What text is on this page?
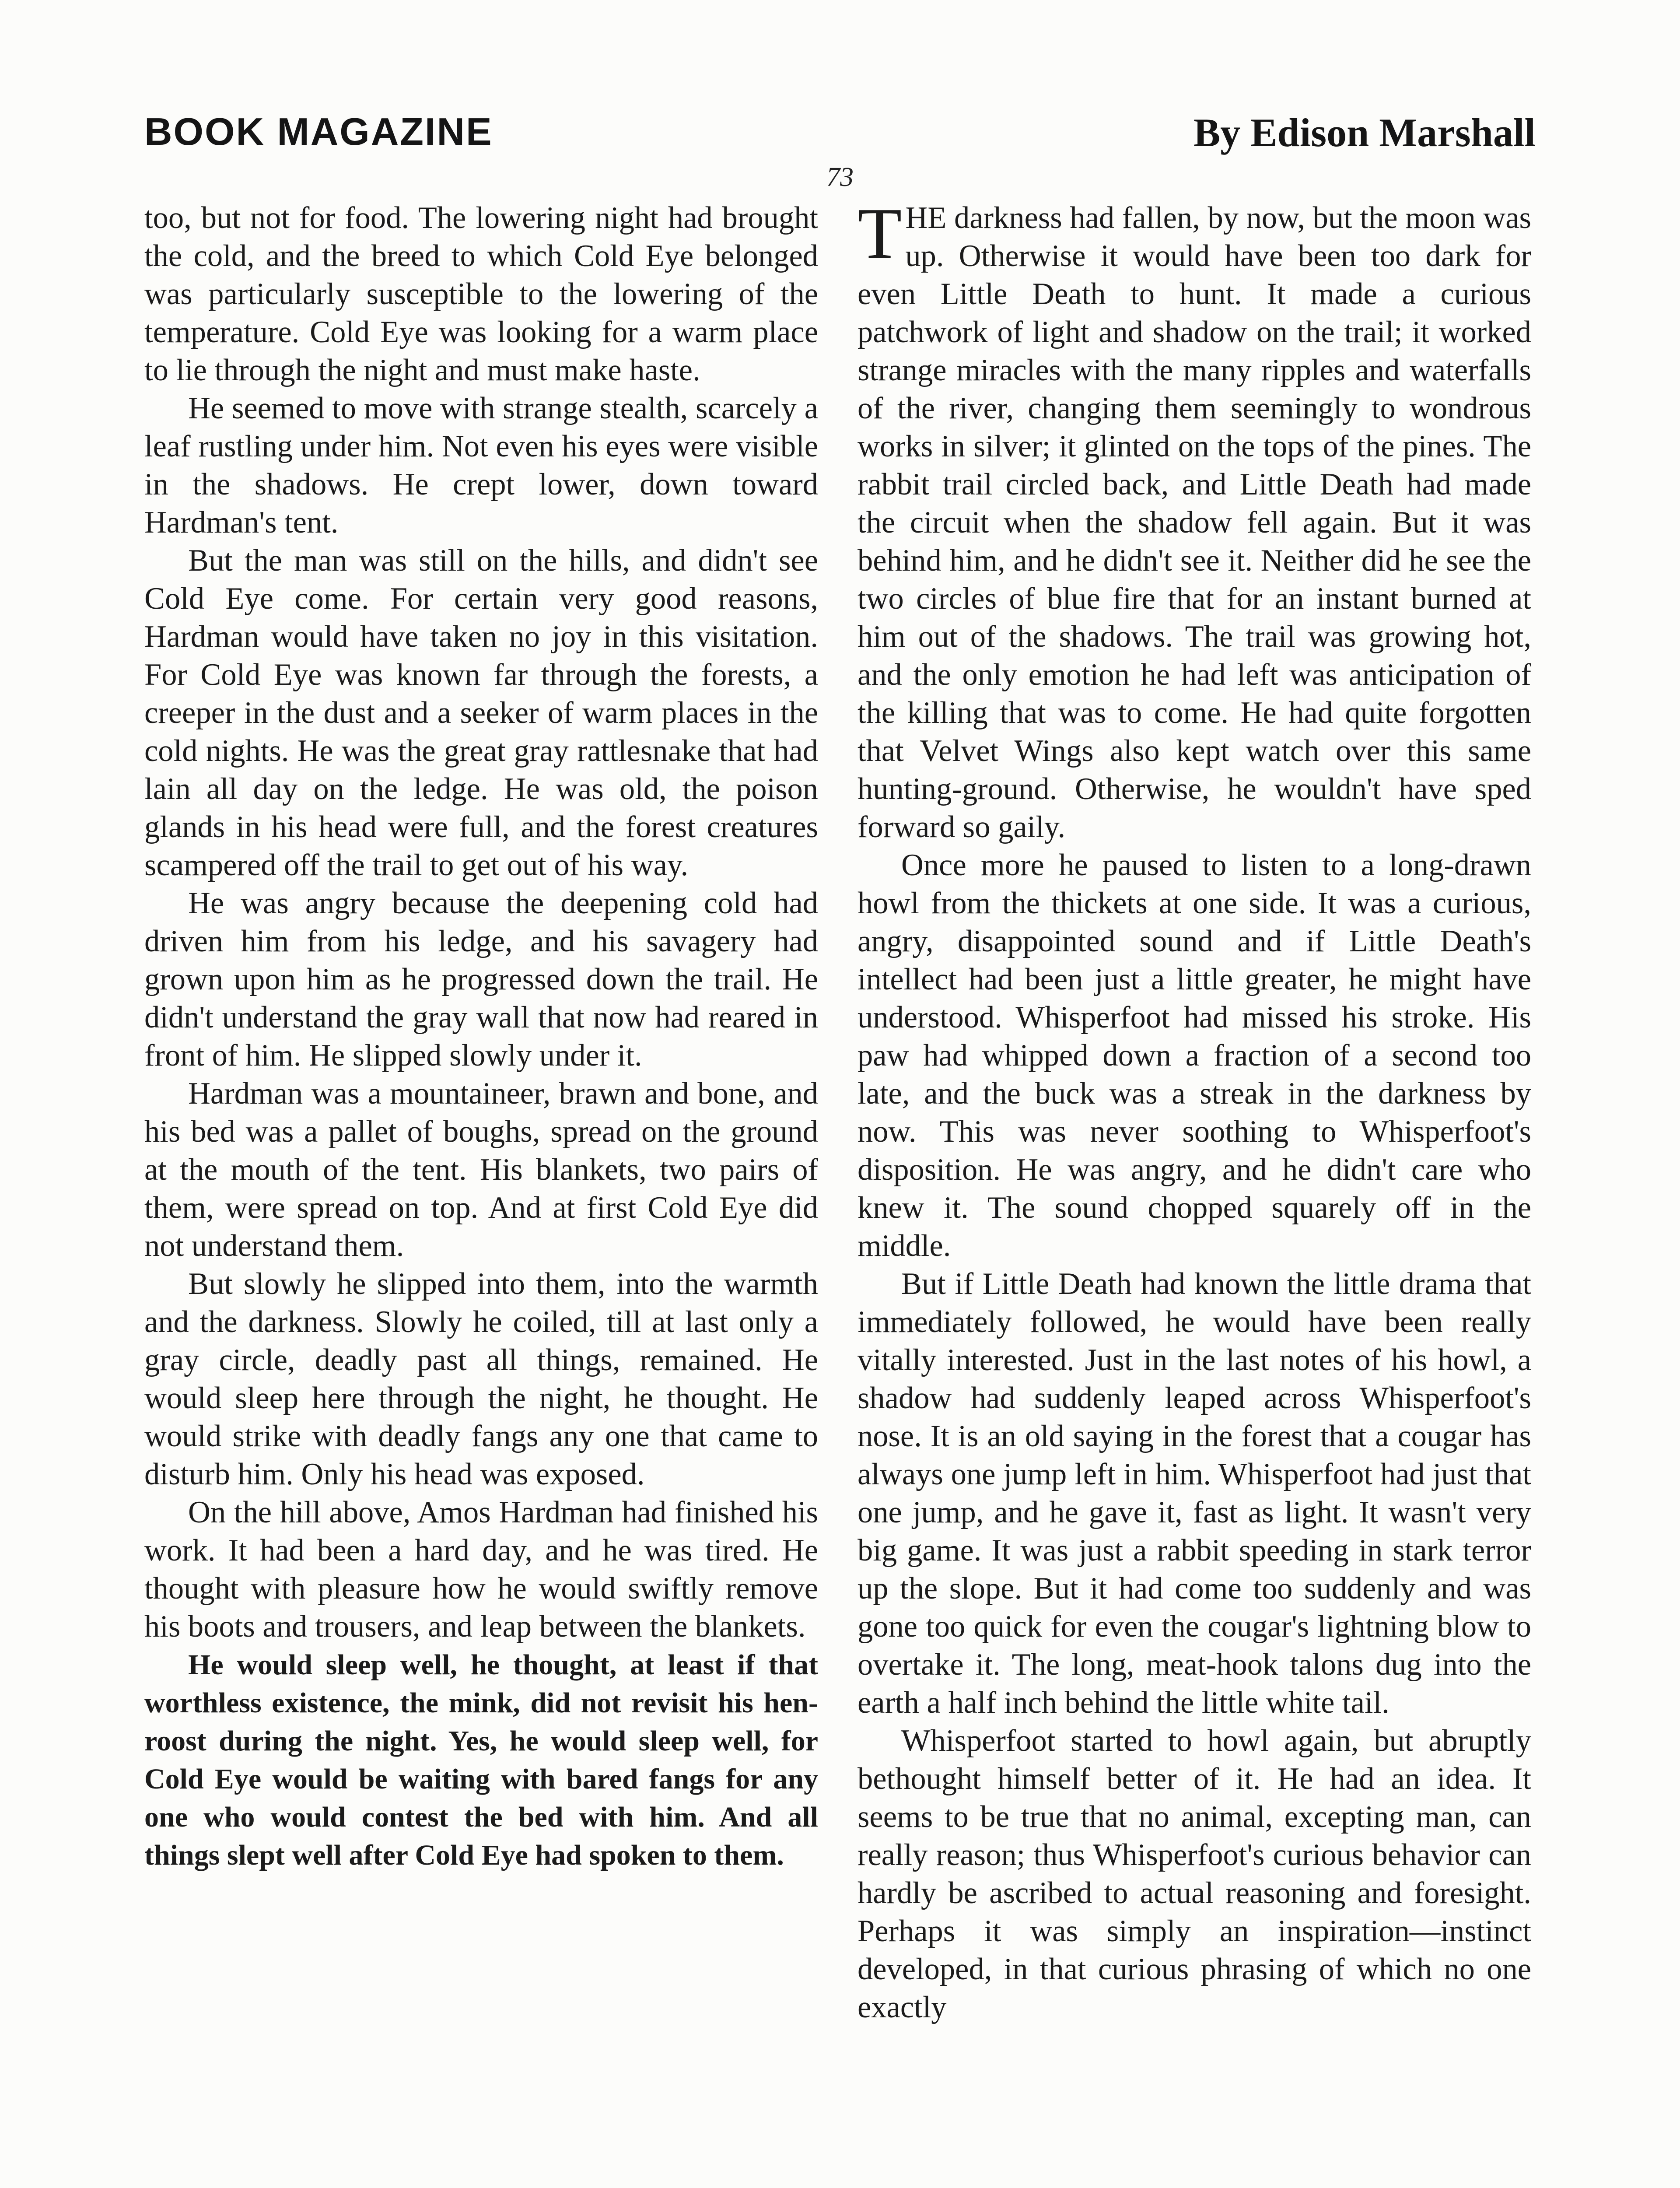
BOOK MAGAZINE	By Edison Marshall
73

too, but not for food. The lowering night had brought the cold, and the breed to which Cold Eye belonged was particularly susceptible to the lowering of the temperature. Cold Eye was looking for a warm place to lie through the night and must make haste.

He seemed to move with strange stealth, scarcely a leaf rustling under him. Not even his eyes were visible in the shadows. He crept lower, down toward Hardman's tent.

But the man was still on the hills, and didn't see Cold Eye come. For certain very good reasons, Hardman would have taken no joy in this visitation. For Cold Eye was known far through the forests, a creeper in the dust and a seeker of warm places in the cold nights. He was the great gray rattlesnake that had lain all day on the ledge. He was old, the poison glands in his head were full, and the forest creatures scampered off the trail to get out of his way.

He was angry because the deepening cold had driven him from his ledge, and his savagery had grown upon him as he progressed down the trail. He didn't understand the gray wall that now had reared in front of him. He slipped slowly under it.

Hardman was a mountaineer, brawn and bone, and his bed was a pallet of boughs, spread on the ground at the mouth of the tent. His blankets, two pairs of them, were spread on top. And at first Cold Eye did not understand them.

But slowly he slipped into them, into the warmth and the darkness. Slowly he coiled, till at last only a gray circle, deadly past all things, remained. He would sleep here through the night, he thought. He would strike with deadly fangs any one that came to disturb him. Only his head was exposed.

On the hill above, Amos Hardman had finished his work. It had been a hard day, and he was tired. He thought with pleasure how he would swiftly remove his boots and trousers, and leap between the blankets.

He would sleep well, he thought, at least if that worthless existence, the mink, did not revisit his hen-roost during the night. Yes, he would sleep well, for Cold Eye would be waiting with bared fangs for any one who would contest the bed with him. And all things slept well after Cold Eye had spoken to them.

THE darkness had fallen, by now, but the moon was up. Otherwise it would have been too dark for even Little Death to hunt. It made a curious patchwork of light and shadow on the trail; it worked strange miracles with the many ripples and waterfalls of the river, changing them seemingly to wondrous works in silver; it glinted on the tops of the pines. The rabbit trail circled back, and Little Death had made the circuit when the shadow fell again. But it was behind him, and he didn't see it. Neither did he see the two circles of blue fire that for an instant burned at him out of the shadows. The trail was growing hot, and the only emotion he had left was anticipation of the killing that was to come. He had quite forgotten that Velvet Wings also kept watch over this same hunting-ground. Otherwise, he wouldn't have sped forward so gaily.

Once more he paused to listen to a long-drawn howl from the thickets at one side. It was a curious, angry, disappointed sound and if Little Death's intellect had been just a little greater, he might have understood. Whisperfoot had missed his stroke. His paw had whipped down a fraction of a second too late, and the buck was a streak in the darkness by now. This was never soothing to Whisperfoot's disposition. He was angry, and he didn't care who knew it. The sound chopped squarely off in the middle.

But if Little Death had known the little drama that immediately followed, he would have been really vitally interested. Just in the last notes of his howl, a shadow had suddenly leaped across Whisperfoot's nose. It is an old saying in the forest that a cougar has always one jump left in him. Whisperfoot had just that one jump, and he gave it, fast as light. It wasn't very big game. It was just a rabbit speeding in stark terror up the slope. But it had come too suddenly and was gone too quick for even the cougar's lightning blow to overtake it. The long, meat-hook talons dug into the earth a half inch behind the little white tail.

Whisperfoot started to howl again, but abruptly bethought himself better of it. He had an idea. It seems to be true that no animal, excepting man, can really reason; thus Whisperfoot's curious behavior can hardly be ascribed to actual reasoning and foresight. Perhaps it was simply an inspiration—instinct developed, in that curious phrasing of which no one exactly
